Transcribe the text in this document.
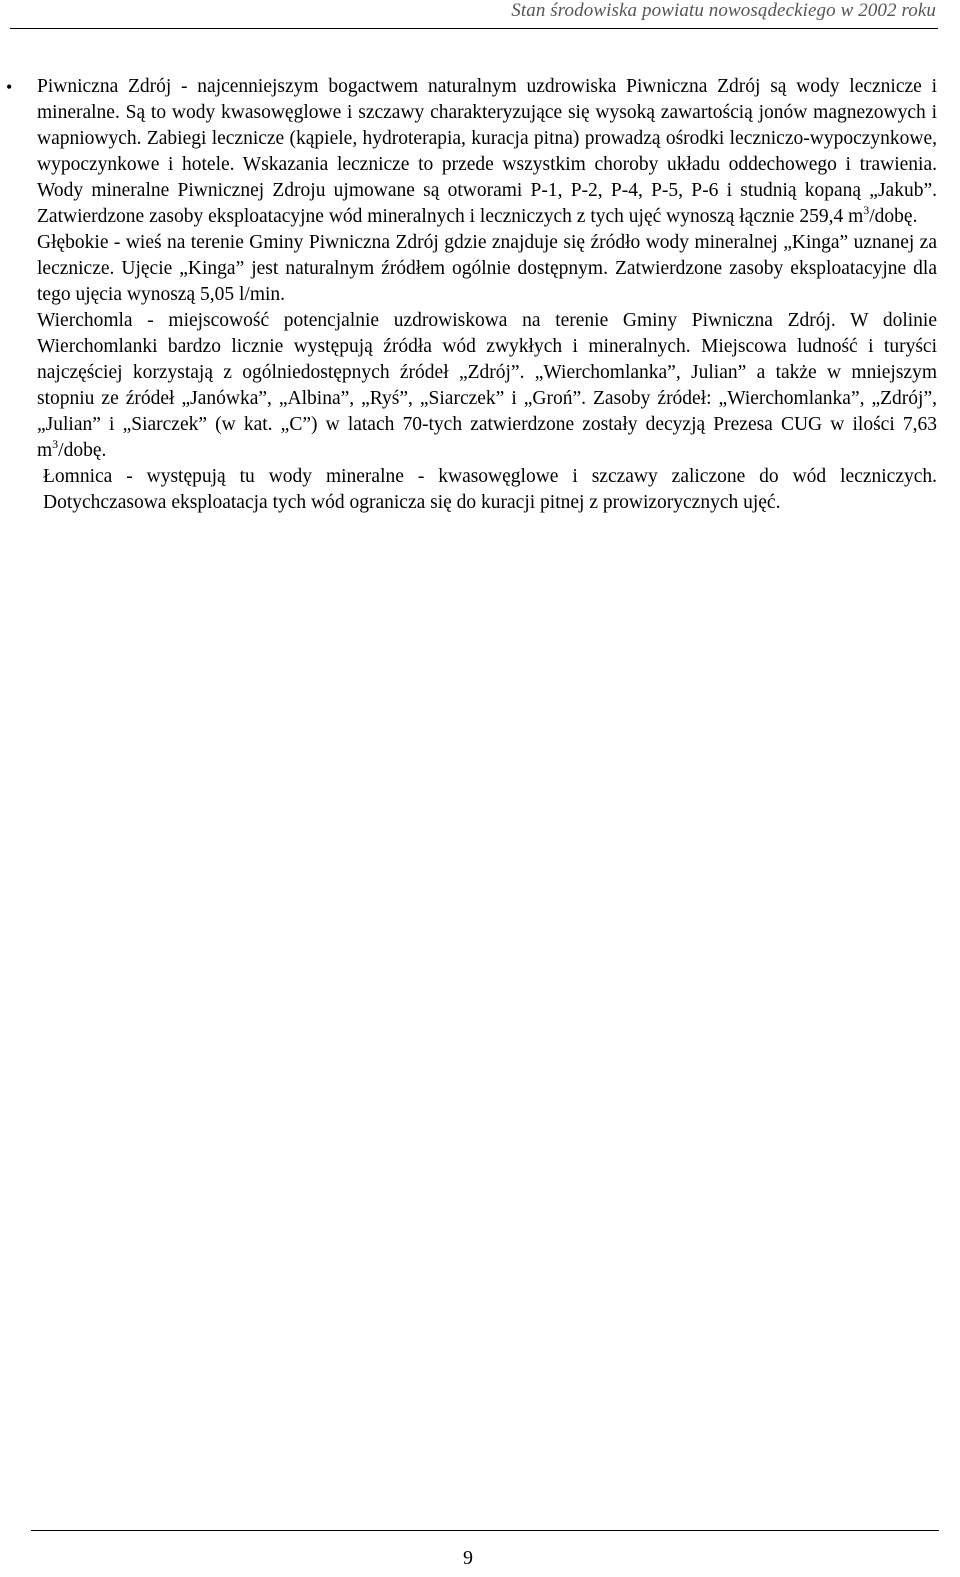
Stan środowiska powiatu nowosądeckiego w 2002 roku

• Piwniczna Zdrój - najcenniejszym bogactwem naturalnym uzdrowiska Piwniczna Zdrój są wody lecznicze i mineralne. Są to wody kwasowęglowe i szczawy charakteryzujące się wysoką zawartością jonów magnezowych i wapniowych. Zabiegi lecznicze (kąpiele, hydroterapia, kuracja pitna) prowadzą ośrodki leczniczo-wypoczynkowe, wypoczynkowe i hotele. Wskazania lecznicze to przede wszystkim choroby układu oddechowego i trawienia. Wody mineralne Piwnicznej Zdroju ujmowane są otworami P-1, P-2, P-4, P-5, P-6 i studnią kopaną „Jakub”. Zatwierdzone zasoby eksploatacyjne wód mineralnych i leczniczych z tych ujęć wynoszą łącznie 259,4 $m^3$/dobę.

Głębokie - wieś na terenie Gminy Piwniczna Zdrój gdzie znajduje się źródło wody mineralnej „Kinga” uznanej za lecznicze. Ujęcie „Kinga” jest naturalnym źródłem ogólnie dostępnym. Zatwierdzone zasoby eksploatacyjne dla tego ujęcia wynoszą 5,05 l/min.

Wierchomla - miejscowość potencjalnie uzdrowiskowa na terenie Gminy Piwniczna Zdrój. W dolinie Wierchomlanki bardzo licznie występują źródła wód zwykłych i mineralnych. Miejscowa ludność i turyści najczęściej korzystają z ogólniedostępnych źródeł „Zdrój”. „Wierchomlanka”, Julian” a także w mniejszym stopniu ze źródeł „Janówka”, „Albina”, „Ryś”, „Siarczek” i „Groń”. Zasoby źródeł: „Wierchomlanka”, „Zdrój”, „Julian” i „Siarczek” (w kat. „C”) w latach 70-tych zatwierdzone zostały decyzją Prezesa CUG w ilości 7,63 $m^3$/dobę.

Łomnica - występują tu wody mineralne - kwasowęglowe i szczawy zaliczone do wód leczniczych. Dotychczasowa eksploatacja tych wód ogranicza się do kuracji pitnej z prowizorycznych ujęć.

9
